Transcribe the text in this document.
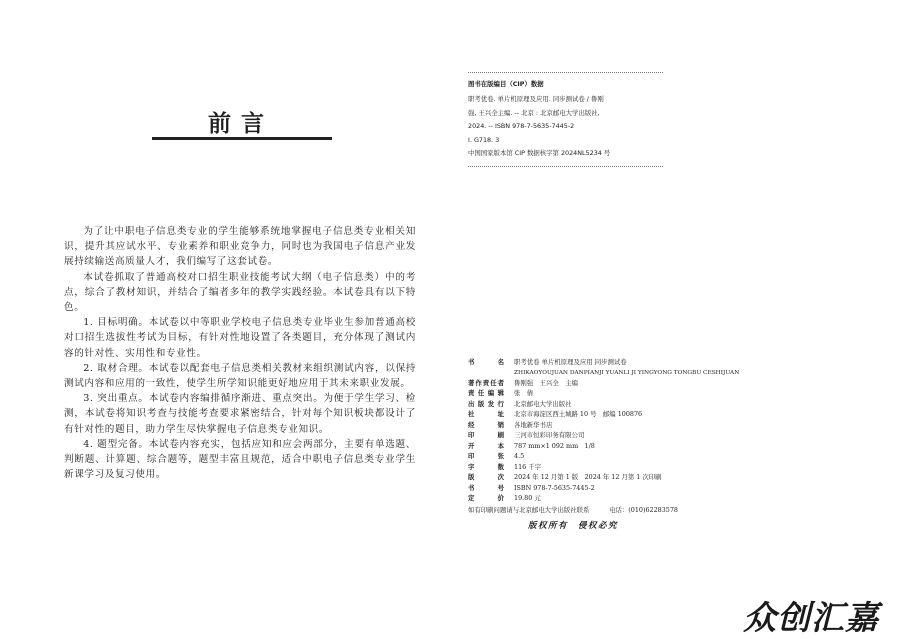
前言

为了让中职电子信息类专业的学生能够系统地掌握电子信息类专业相关知识，提升其应试水平、专业素养和职业竞争力，同时也为我国电子信息产业发展持续输送高质量人才，我们编写了这套试卷。

本试卷抓取了普通高校对口招生职业技能考试大纲（电子信息类）中的考点，综合了教材知识，并结合了编者多年的教学实践经验。本试卷具有以下特色。

1. 目标明确。本试卷以中等职业学校电子信息类专业毕业生参加普通高校对口招生选拔性考试为目标，有针对性地设置了各类题目，充分体现了测试内容的针对性、实用性和专业性。

2. 取材合理。本试卷以配套电子信息类相关教材来组织测试内容，以保持测试内容和应用的一致性，使学生所学知识能更好地应用于其未来职业发展。

3. 突出重点。本试卷内容编排循序渐进、重点突出。为便于学生学习、检测，本试卷将知识考查与技能考查要求紧密结合，针对每个知识板块都设计了有针对性的题目，助力学生尽快掌握电子信息类专业知识。

4. 题型完备。本试卷内容充实，包括应知和应会两部分，主要有单选题、判断题、计算题、综合题等，题型丰富且规范，适合中职电子信息类专业学生新课学习及复习使用。

图书在版编目（CIP）数据
职考优卷. 单片机原理及应用. 同步测试卷 / 鲁刚
强, 王兴全主编. -- 北京 : 北京邮电大学出版社,
2024. -- ISBN 978-7-5635-7445-2
Ⅰ. G718. 3
中国国家版本馆 CIP 数据核字第 2024NL5234 号
书名 职考优卷 单片机原理及应用 同步测试卷
ZHIKAOYOUJUAN DANPIANJI YUANLI JI YINGYONG TONGBU CESHIJUAN
著作责任者 鲁刚强　王兴全　主编
责任编辑 张　倩
出版发行 北京邮电大学出版社
社址 北京市海淀区西土城路 10 号　邮编 100876
经销 各地新华书店
印刷 三河市恒彩印务有限公司
开本 787 mm×1 092 mm　1/8
印张 4.5
字数 116 千字
版次 2024 年 12 月第 1 版　2024 年 12 月第 1 次印刷
书号 ISBN 978-7-5635-7445-2
定价 19.80 元
如有印刷问题请与北京邮电大学出版社联系	电话：(010)62283578
版权所有　侵权必究
众创汇嘉
